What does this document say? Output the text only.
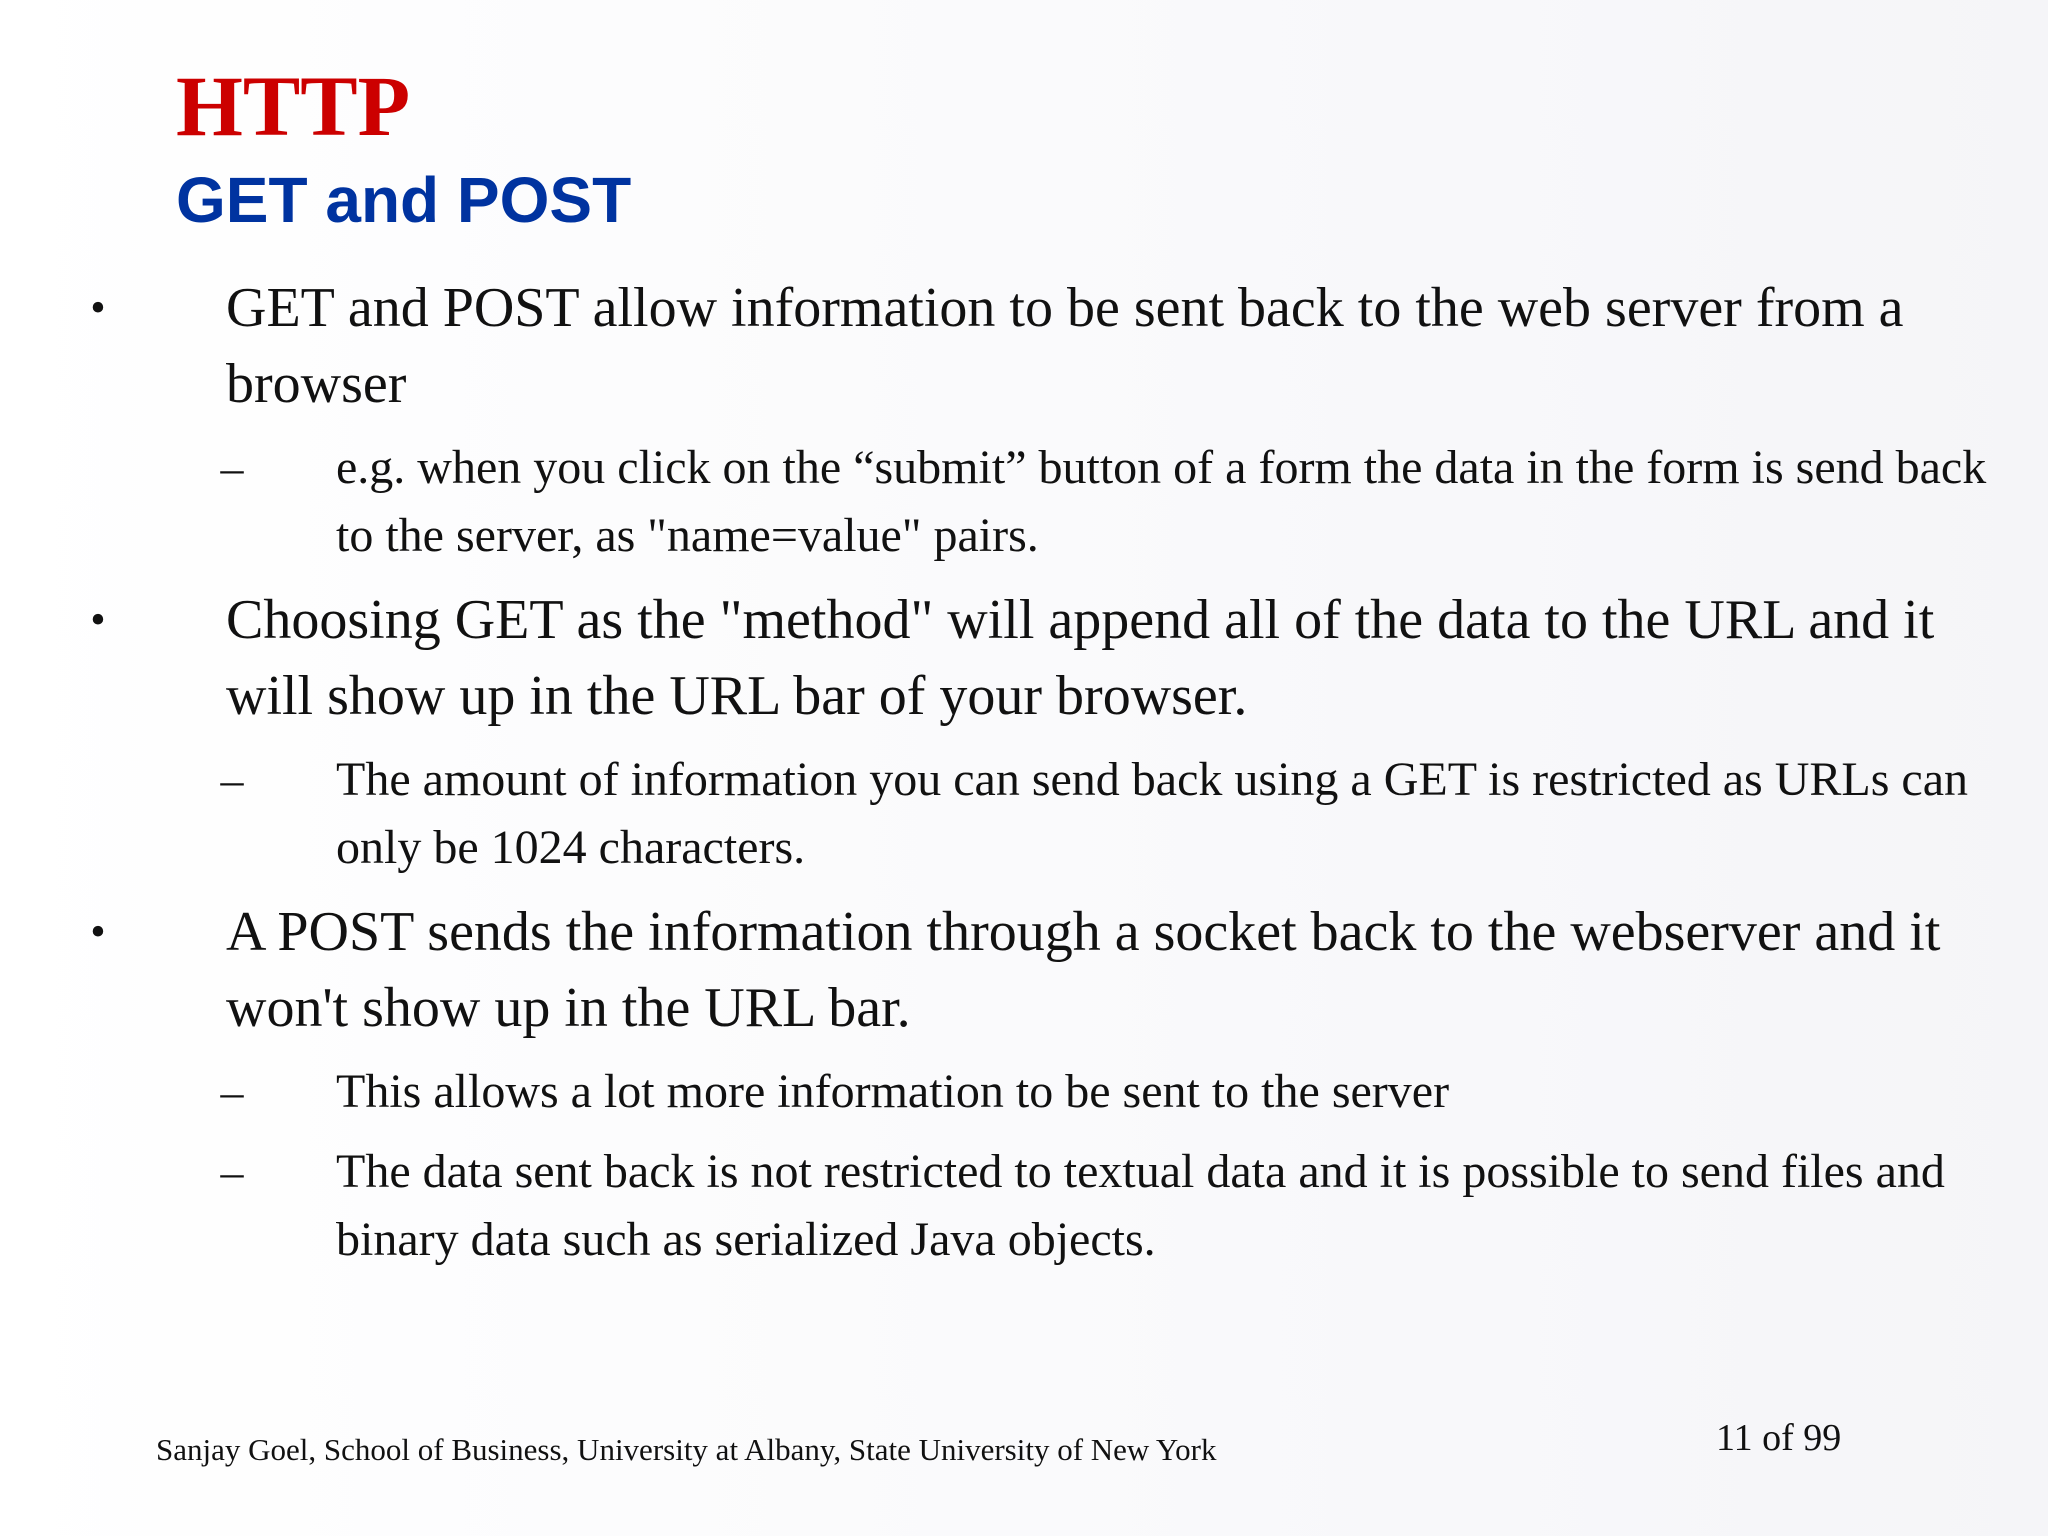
HTTP
GET and POST
• GET and POST allow information to be sent back to the web server from a browser
– e.g. when you click on the “submit” button of a form the data in the form is send back to the server, as "name=value" pairs.
• Choosing GET as the "method" will append all of the data to the URL and it will show up in the URL bar of your browser.
– The amount of information you can send back using a GET is restricted as URLs can only be 1024 characters.
• A POST sends the information through a socket back to the webserver and it won't show up in the URL bar.
– This allows a lot more information to be sent to the server
– The data sent back is not restricted to textual data and it is possible to send files and binary data such as serialized Java objects.
Sanjay Goel, School of Business, University at Albany, State University of New York	11 of 99
